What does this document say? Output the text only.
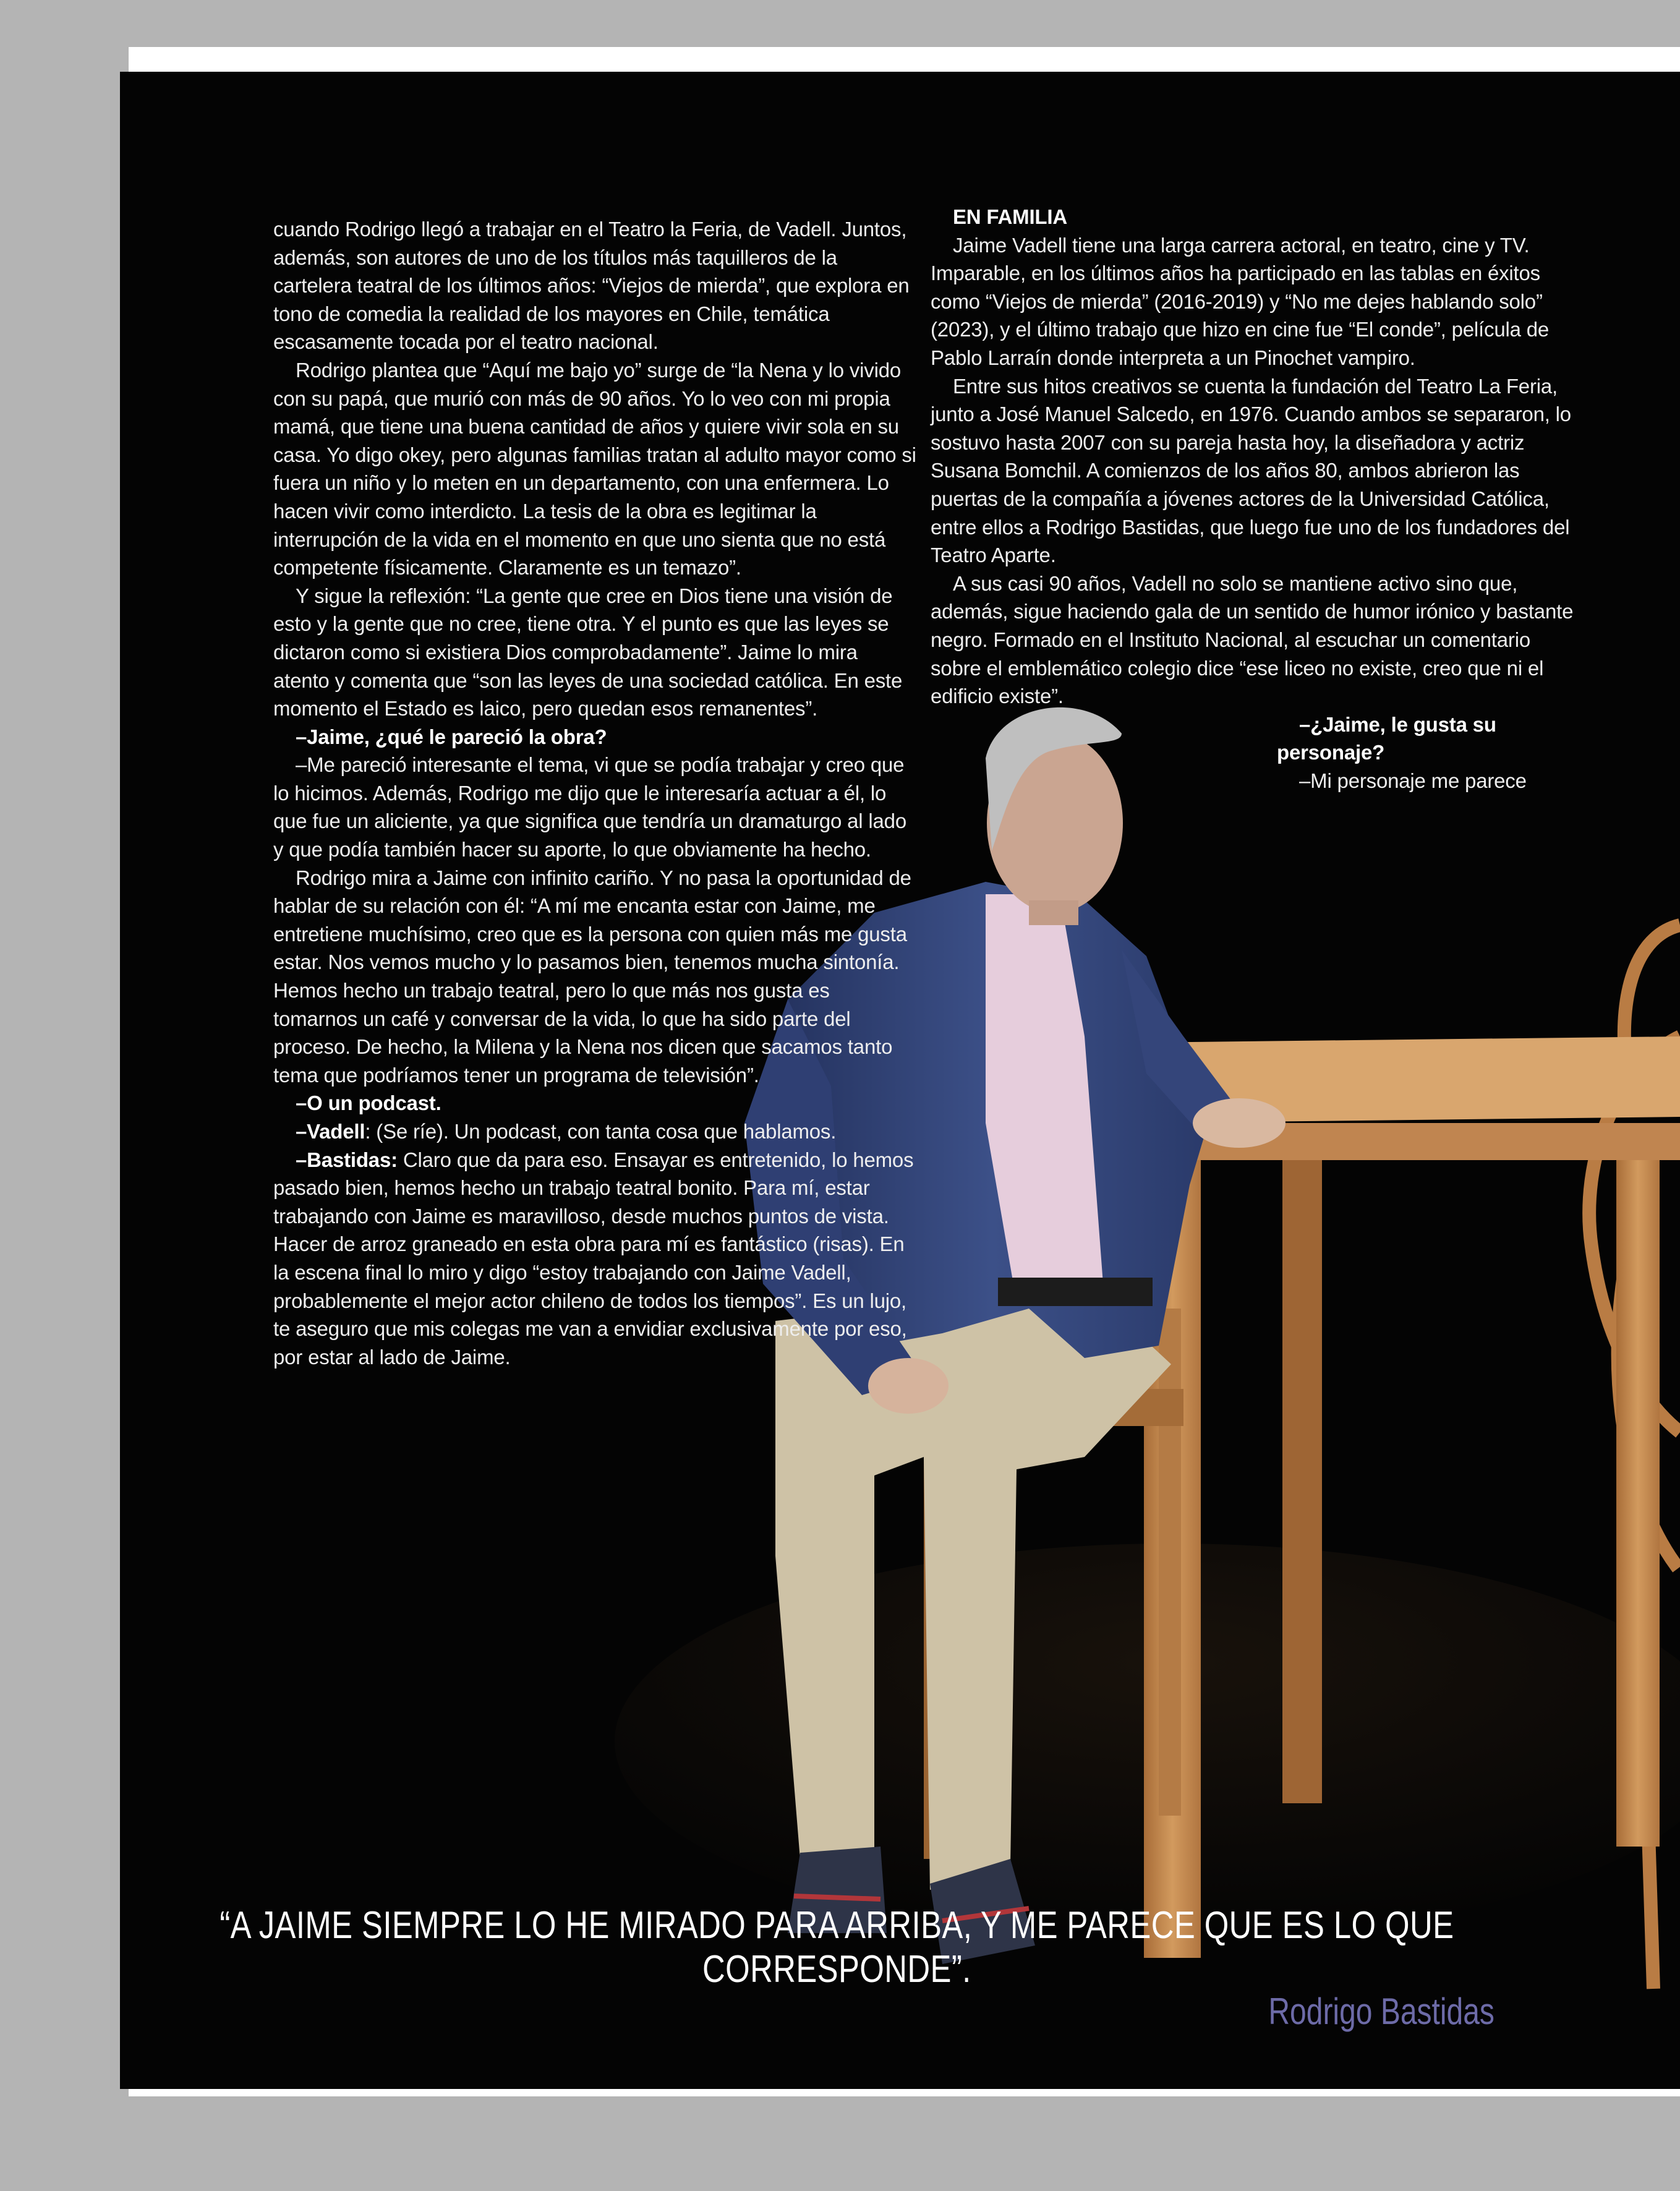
cuando Rodrigo llegó a trabajar en el Teatro la Feria, de Vadell. Juntos, además, son autores de uno de los títulos más taquilleros de la cartelera teatral de los últimos años: “Viejos de mierda”, que explora en tono de comedia la realidad de los mayores en Chile, temática escasamente tocada por el teatro nacional.

Rodrigo plantea que “Aquí me bajo yo” surge de “la Nena y lo vivido con su papá, que murió con más de 90 años. Yo lo veo con mi propia mamá, que tiene una buena cantidad de años y quiere vivir sola en su casa. Yo digo okey, pero algunas familias tratan al adulto mayor como si fuera un niño y lo meten en un departamento, con una enfermera. Lo hacen vivir como interdicto. La tesis de la obra es legitimar la interrupción de la vida en el momento en que uno sienta que no está competente físicamente. Claramente es un temazo”.

Y sigue la reflexión: “La gente que cree en Dios tiene una visión de esto y la gente que no cree, tiene otra. Y el punto es que las leyes se dictaron como si existiera Dios comprobadamente”. Jaime lo mira atento y comenta que “son las leyes de una sociedad católica. En este momento el Estado es laico, pero quedan esos remanentes”.

–Jaime, ¿qué le pareció la obra?

–Me pareció interesante el tema, vi que se podía trabajar y creo que lo hicimos. Además, Rodrigo me dijo que le interesaría actuar a él, lo que fue un aliciente, ya que significa que tendría un dramaturgo al lado y que podía también hacer su aporte, lo que obviamente ha hecho.

Rodrigo mira a Jaime con infinito cariño. Y no pasa la oportunidad de hablar de su relación con él: “A mí me encanta estar con Jaime, me entretiene muchísimo, creo que es la persona con quien más me gusta estar. Nos vemos mucho y lo pasamos bien, tenemos mucha sintonía. Hemos hecho un trabajo teatral, pero lo que más nos gusta es tomarnos un café y conversar de la vida, lo que ha sido parte del proceso. De hecho, la Milena y la Nena nos dicen que sacamos tanto tema que podríamos tener un programa de televisión”.

–O un podcast.

–Vadell: (Se ríe). Un podcast, con tanta cosa que hablamos.

–Bastidas: Claro que da para eso. Ensayar es entretenido, lo hemos pasado bien, hemos hecho un trabajo teatral bonito. Para mí, estar trabajando con Jaime es maravilloso, desde muchos puntos de vista. Hacer de arroz graneado en esta obra para mí es fantástico (risas). En la escena final lo miro y digo “estoy trabajando con Jaime Vadell, probablemente el mejor actor chileno de todos los tiempos”. Es un lujo, te aseguro que mis colegas me van a envidiar exclusivamente por eso, por estar al lado de Jaime.

EN FAMILIA

Jaime Vadell tiene una larga carrera actoral, en teatro, cine y TV. Imparable, en los últimos años ha participado en las tablas en éxitos como “Viejos de mierda” (2016-2019) y “No me dejes hablando solo” (2023), y el último trabajo que hizo en cine fue “El conde”, película de Pablo Larraín donde interpreta a un Pinochet vampiro.

Entre sus hitos creativos se cuenta la fundación del Teatro La Feria, junto a José Manuel Salcedo, en 1976. Cuando ambos se separaron, lo sostuvo hasta 2007 con su pareja hasta hoy, la diseñadora y actriz Susana Bomchil. A comienzos de los años 80, ambos abrieron las puertas de la compañía a jóvenes actores de la Universidad Católica, entre ellos a Rodrigo Bastidas, que luego fue uno de los fundadores del Teatro Aparte.

A sus casi 90 años, Vadell no solo se mantiene activo sino que, además, sigue haciendo gala de un sentido de humor irónico y bastante negro. Formado en el Instituto Nacional, al escuchar un comentario sobre el emblemático colegio dice “ese liceo no existe, creo que ni el edificio existe”.

–¿Jaime, le gusta su personaje?

–Mi personaje me parece

“A JAIME SIEMPRE LO HE MIRADO PARA ARRIBA, Y ME PARECE QUE ES LO QUE CORRESPONDE”.
Rodrigo Bastidas
